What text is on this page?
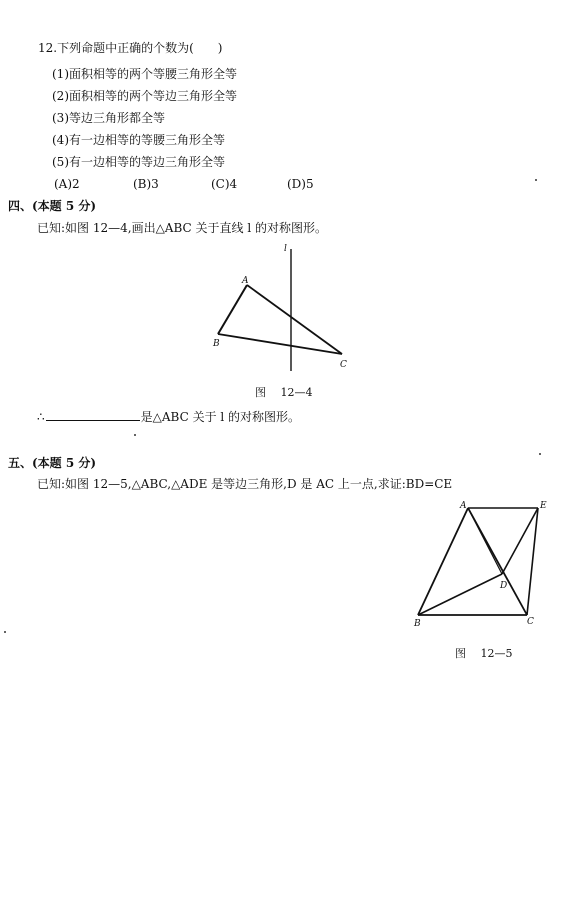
12.下列命题中正确的个数为(　　)
(1)面积相等的两个等腰三角形全等
(2)面积相等的两个等边三角形全等
(3)等边三角形都全等
(4)有一边相等的等腰三角形全等
(5)有一边相等的等边三角形全等
(A)2	(B)3	(C)4	(D)5
四、(本题 5 分)
已知:如图 12—4,画出△ABC 关于直线 l 的对称图形。
l
A
B
C
图　 12—4
∴	是△ABC 关于 l 的对称图形。
五、(本题 5 分)
已知:如图 12—5,△ABC,△ADE 是等边三角形,D 是 AC 上一点,求证:BD=CE
A	E
D
B	C
图　 12—5
